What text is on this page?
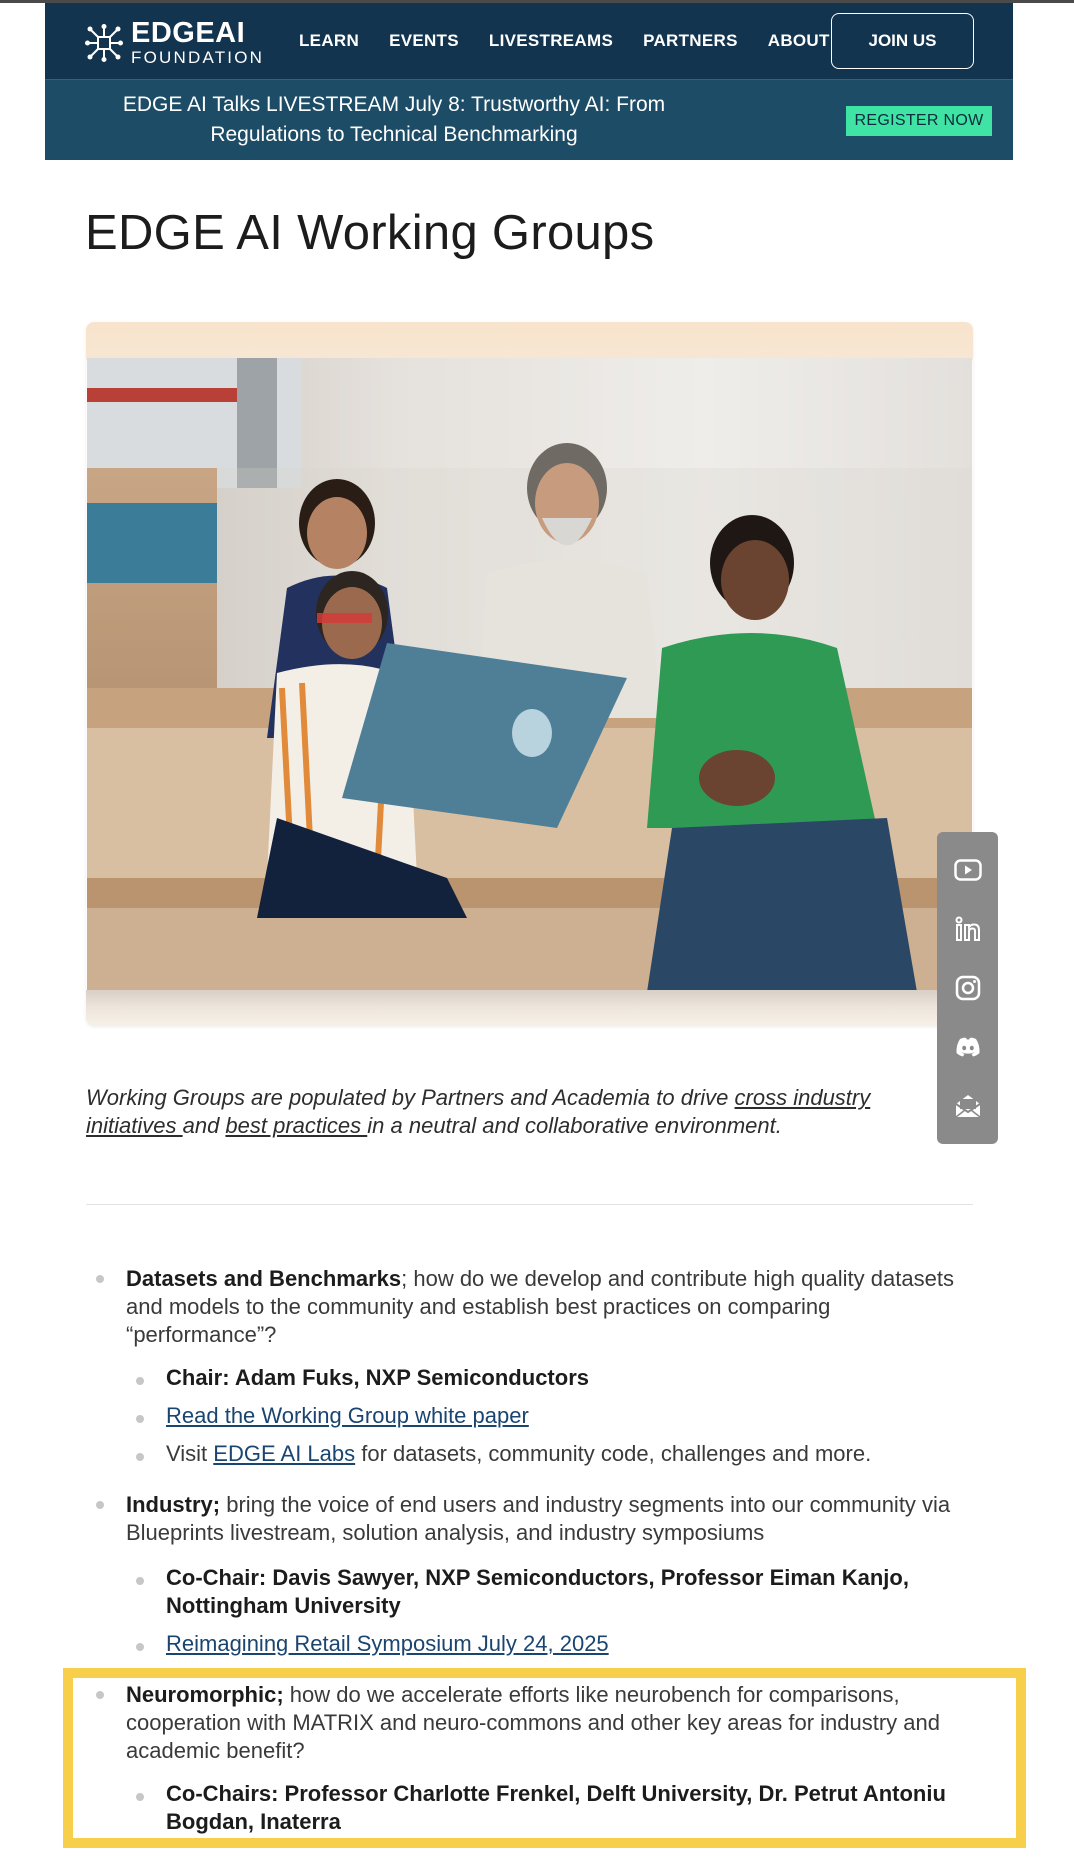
EDGEAI
FOUNDATION
LEARN EVENTS LIVESTREAMS PARTNERS ABOUT	JOIN US
EDGE AI Talks LIVESTREAM July 8: Trustworthy AI: From Regulations to Technical Benchmarking
REGISTER NOW
EDGE AI Working Groups

Working Groups are populated by Partners and Academia to drive cross industry initiatives and best practices in a neutral and collaborative environment.

Datasets and Benchmarks; how do we develop and contribute high quality datasets and models to the community and establish best practices on comparing “performance”?
Chair: Adam Fuks, NXP Semiconductors
Read the Working Group white paper
Visit EDGE AI Labs for datasets, community code, challenges and more.
Industry; bring the voice of end users and industry segments into our community via Blueprints livestream, solution analysis, and industry symposiums
Co-Chair: Davis Sawyer, NXP Semiconductors, Professor Eiman Kanjo, Nottingham University
Reimagining Retail Symposium July 24, 2025
Neuromorphic; how do we accelerate efforts like neurobench for comparisons, cooperation with MATRIX and neuro-commons and other key areas for industry and academic benefit?
Co-Chairs: Professor Charlotte Frenkel, Delft University, Dr. Petrut Antoniu Bogdan, Inaterra
